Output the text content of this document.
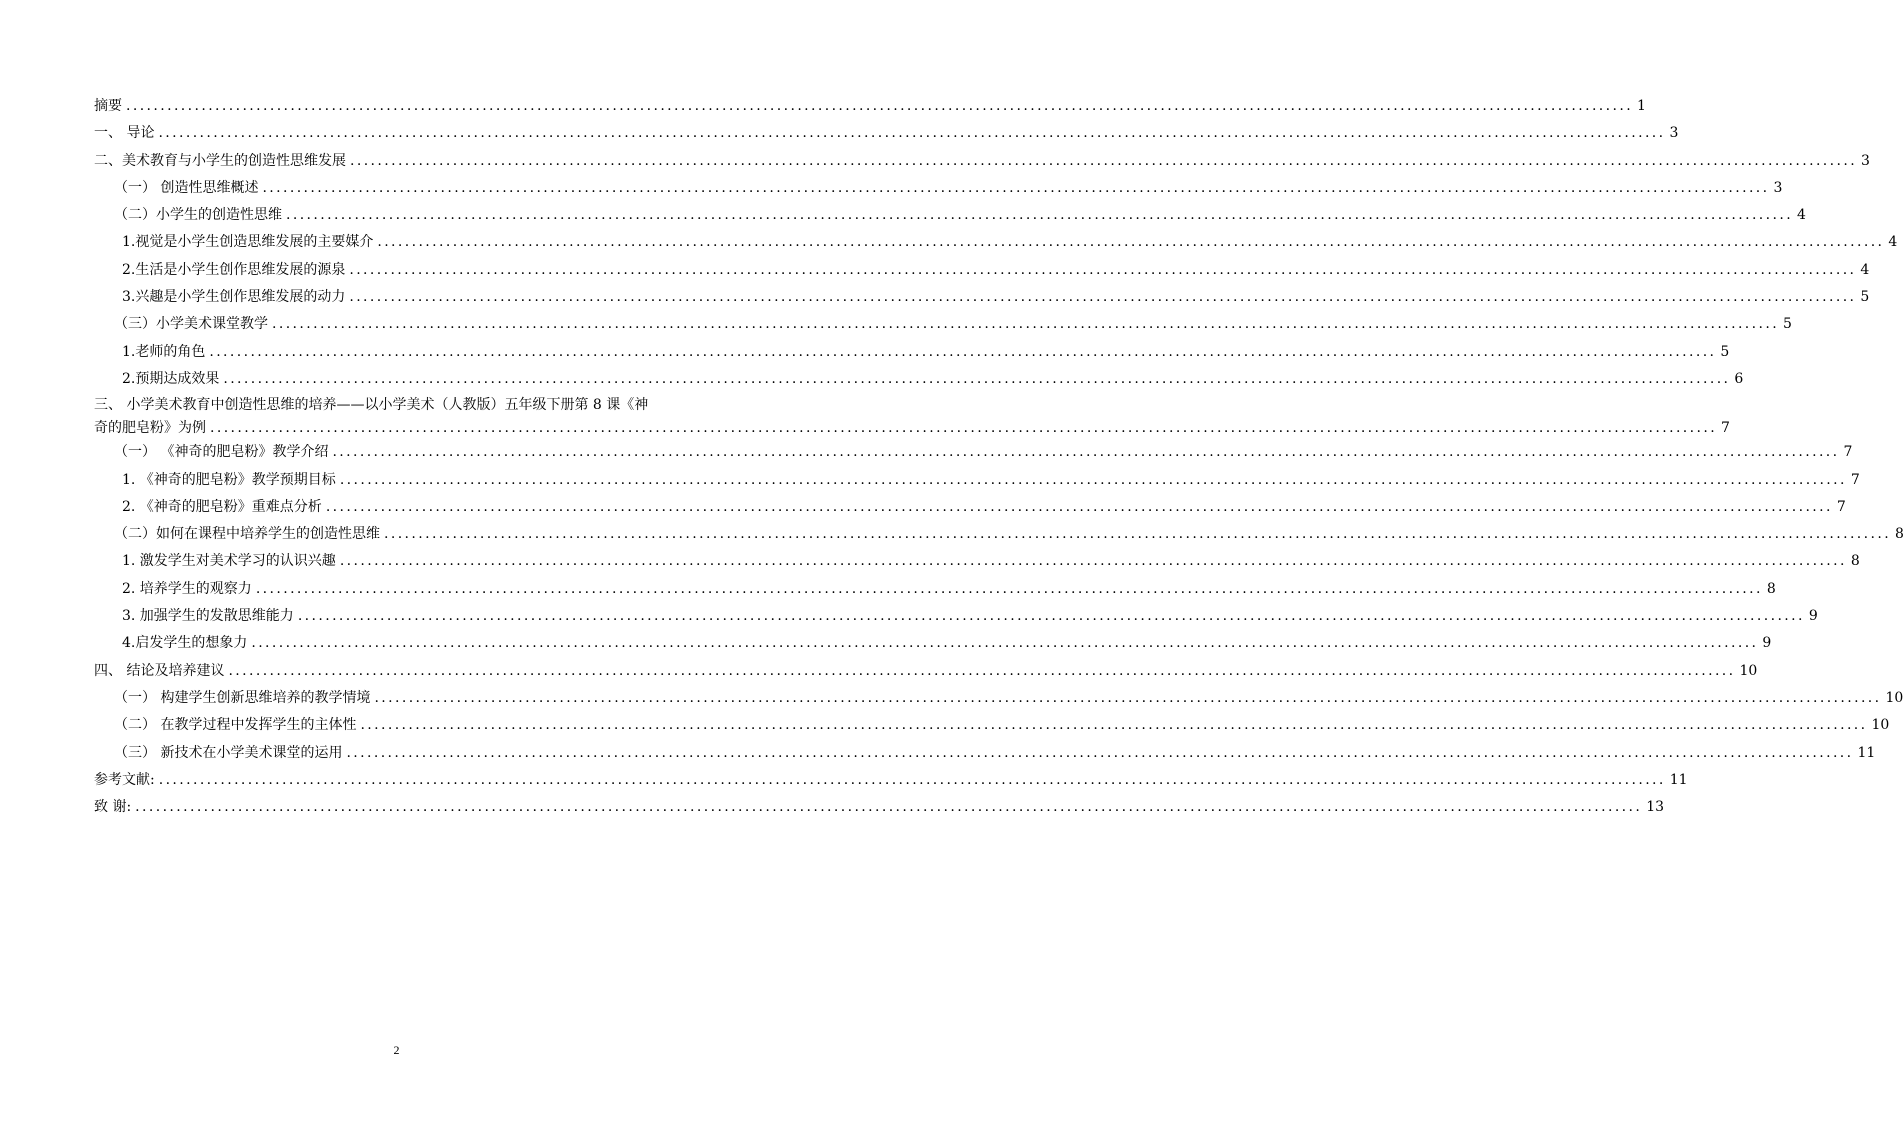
摘要 ............................................................................................................................................................................................................................ 1
一、 导论 ............................................................................................................................................................................................................................ 3
二、美术教育与小学生的创造性思维发展 ............................................................................................................................................................................................................................ 3
（一） 创造性思维概述 ............................................................................................................................................................................................................................ 3
（二）小学生的创造性思维 ............................................................................................................................................................................................................................ 4
1.视觉是小学生创造思维发展的主要媒介 ............................................................................................................................................................................................................................ 4
2.生活是小学生创作思维发展的源泉 ............................................................................................................................................................................................................................ 4
3.兴趣是小学生创作思维发展的动力 ............................................................................................................................................................................................................................ 5
（三）小学美术课堂教学 ............................................................................................................................................................................................................................ 5
1.老师的角色 ............................................................................................................................................................................................................................ 5
2.预期达成效果 ............................................................................................................................................................................................................................ 6
三、 小学美术教育中创造性思维的培养——以小学美术（人教版）五年级下册第 8 课《神
奇的肥皂粉》为例 ............................................................................................................................................................................................................................ 7
（一） 《神奇的肥皂粉》教学介绍 ............................................................................................................................................................................................................................ 7
1. 《神奇的肥皂粉》教学预期目标 ............................................................................................................................................................................................................................ 7
2. 《神奇的肥皂粉》重难点分析 ............................................................................................................................................................................................................................ 7
（二）如何在课程中培养学生的创造性思维 ............................................................................................................................................................................................................................ 8
1. 激发学生对美术学习的认识兴趣 ............................................................................................................................................................................................................................ 8
2. 培养学生的观察力 ............................................................................................................................................................................................................................ 8
3. 加强学生的发散思维能力 ............................................................................................................................................................................................................................ 9
4.启发学生的想象力 ............................................................................................................................................................................................................................ 9
四、 结论及培养建议 ............................................................................................................................................................................................................................ 10
（一） 构建学生创新思维培养的教学情境 ............................................................................................................................................................................................................................ 10
（二） 在教学过程中发挥学生的主体性 ............................................................................................................................................................................................................................ 10
（三） 新技术在小学美术课堂的运用 ............................................................................................................................................................................................................................ 11
参考文献: ............................................................................................................................................................................................................................ 11
致 谢: ............................................................................................................................................................................................................................ 13
2
